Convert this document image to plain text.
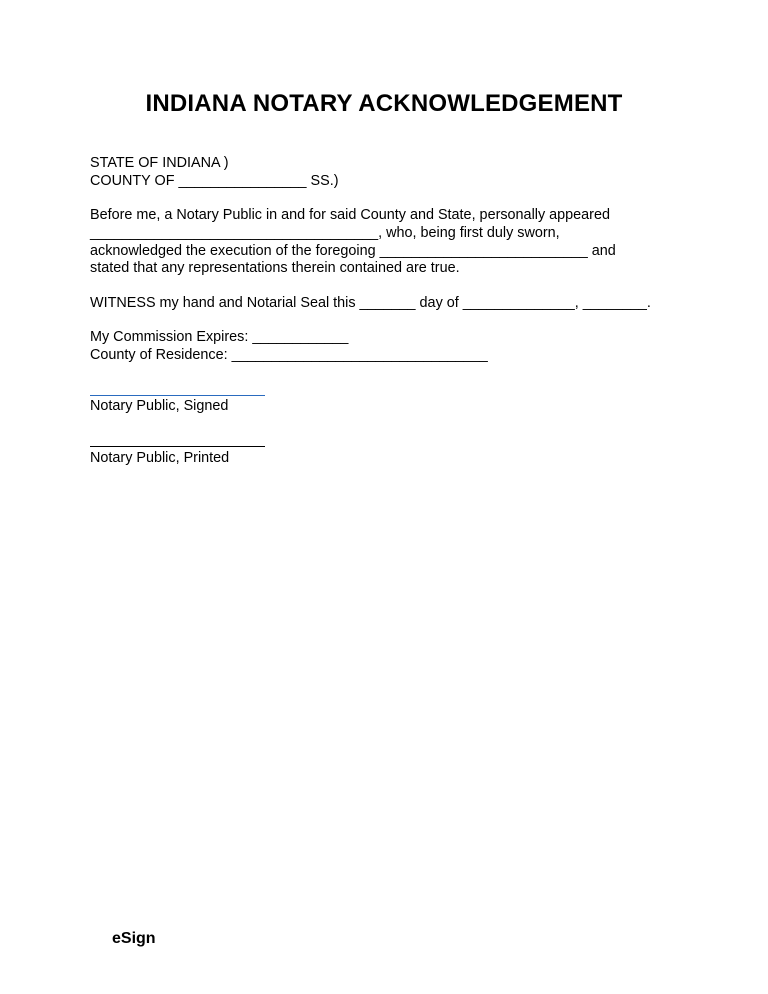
INDIANA NOTARY ACKNOWLEDGEMENT

STATE OF INDIANA )

COUNTY OF ________________ SS.)

Before me, a Notary Public in and for said County and State, personally appeared

____________________________________, who, being first duly sworn,

acknowledged the execution of the foregoing __________________________ and

stated that any representations therein contained are true.

WITNESS my hand and Notarial Seal this _______ day of ______________, ________.

My Commission Expires: ____________

County of Residence: ________________________________

Notary Public, Signed

Notary Public, Printed

eSign
